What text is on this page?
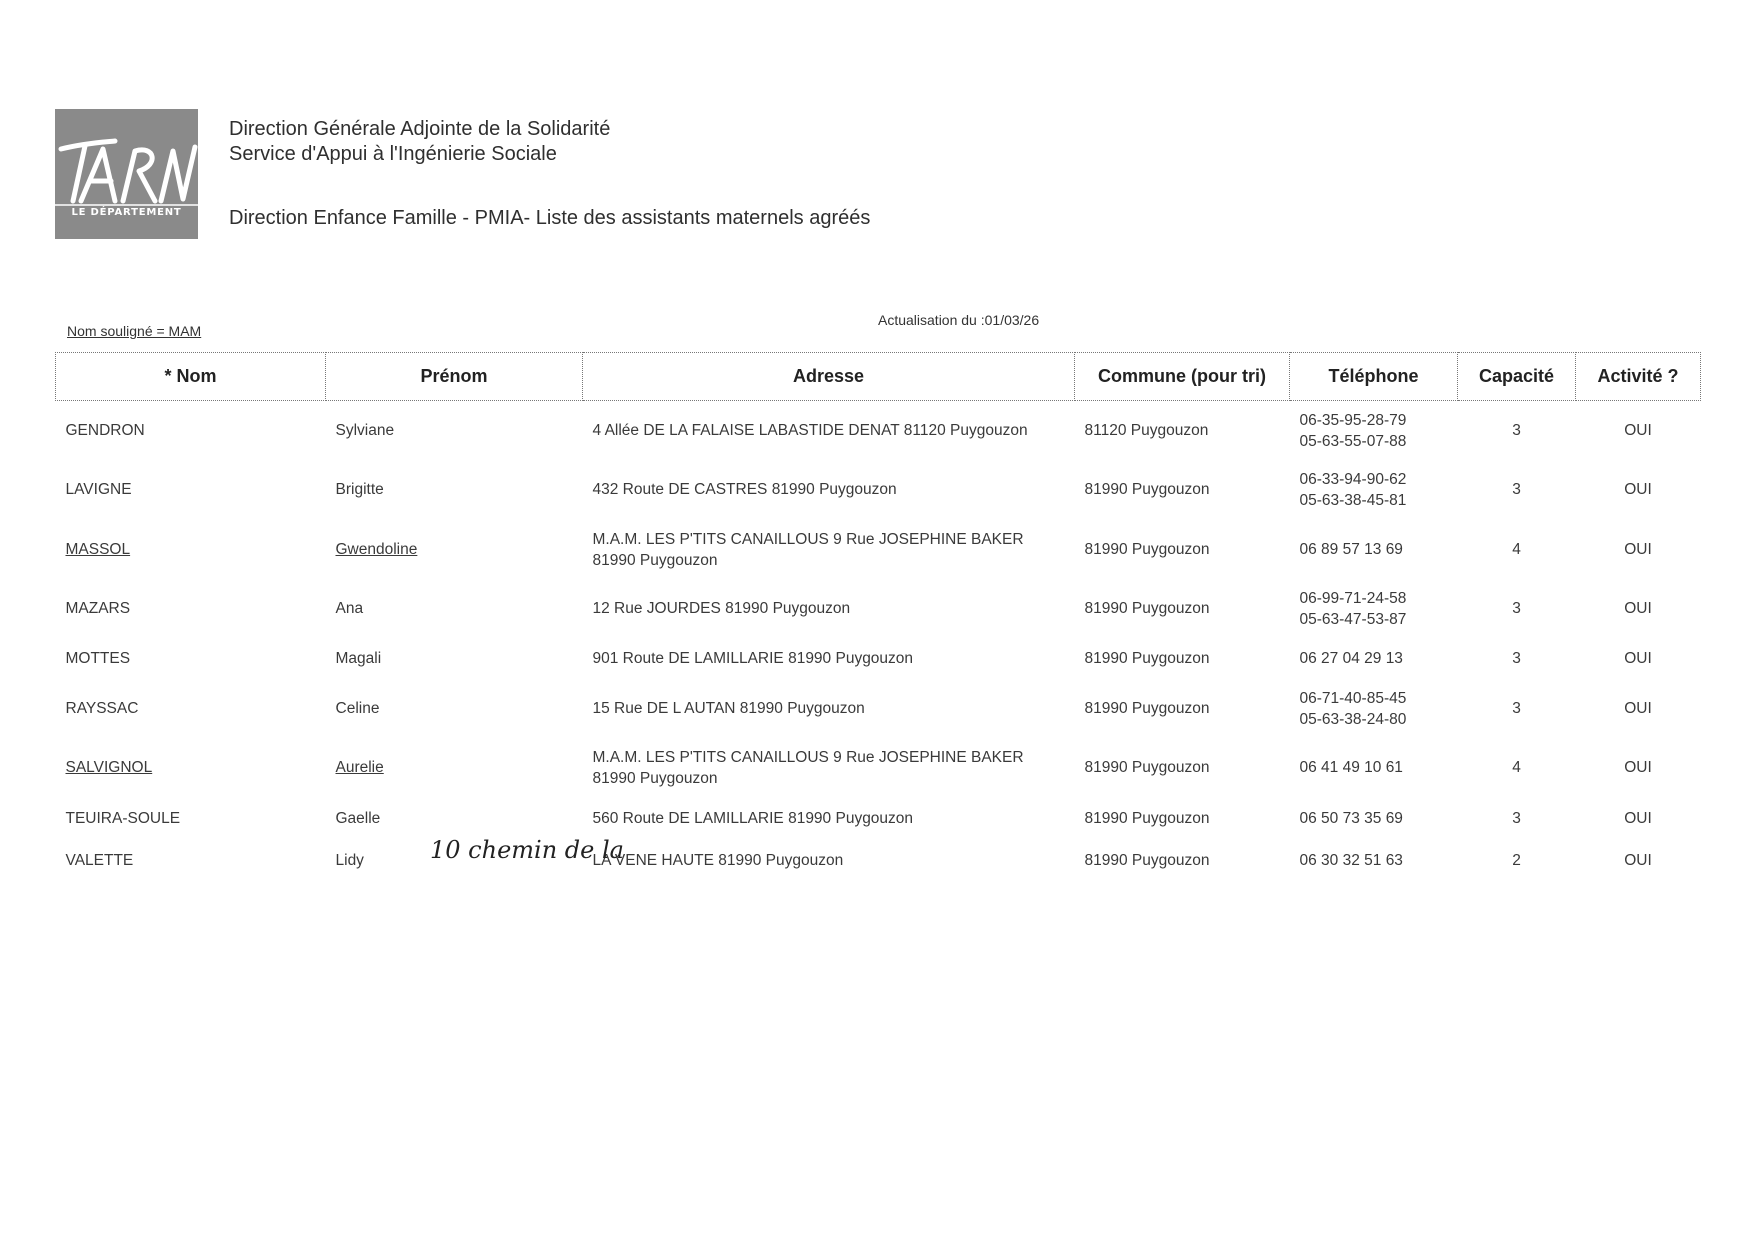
LE DÉPARTEMENT
Direction Générale Adjointe de la Solidarité
Service d'Appui à l'Ingénierie Sociale
Direction Enfance Famille - PMIA- Liste des assistants maternels agréés
Nom souligné = MAM
Actualisation du :01/03/26
* Nom	Prénom	Adresse	Commune (pour tri)	Téléphone	Capacité	Activité ?
GENDRON	Sylviane	4 Allée DE LA FALAISE LABASTIDE DENAT 81120 Puygouzon	81120 Puygouzon	06-35-95-28-79
05-63-55-07-88	3	OUI
LAVIGNE	Brigitte	432 Route DE CASTRES 81990 Puygouzon	81990 Puygouzon	06-33-94-90-62
05-63-38-45-81	3	OUI
MASSOL	Gwendoline	M.A.M. LES P'TITS CANAILLOUS 9 Rue JOSEPHINE BAKER 81990 Puygouzon	81990 Puygouzon	06 89 57 13 69	4	OUI
MAZARS	Ana	12 Rue JOURDES 81990 Puygouzon	81990 Puygouzon	06-99-71-24-58
05-63-47-53-87	3	OUI
MOTTES	Magali	901 Route DE LAMILLARIE 81990 Puygouzon	81990 Puygouzon	06 27 04 29 13	3	OUI
RAYSSAC	Celine	15 Rue DE L AUTAN 81990 Puygouzon	81990 Puygouzon	06-71-40-85-45
05-63-38-24-80	3	OUI
SALVIGNOL	Aurelie	M.A.M. LES P'TITS CANAILLOUS 9 Rue JOSEPHINE BAKER 81990 Puygouzon	81990 Puygouzon	06 41 49 10 61	4	OUI
TEUIRA-SOULE	Gaelle	560 Route DE LAMILLARIE 81990 Puygouzon	81990 Puygouzon	06 50 73 35 69	3	OUI
VALETTE	Lidy	LA VENE HAUTE 81990 Puygouzon	81990 Puygouzon	06 30 32 51 63	2	OUI
10 chemin de la
